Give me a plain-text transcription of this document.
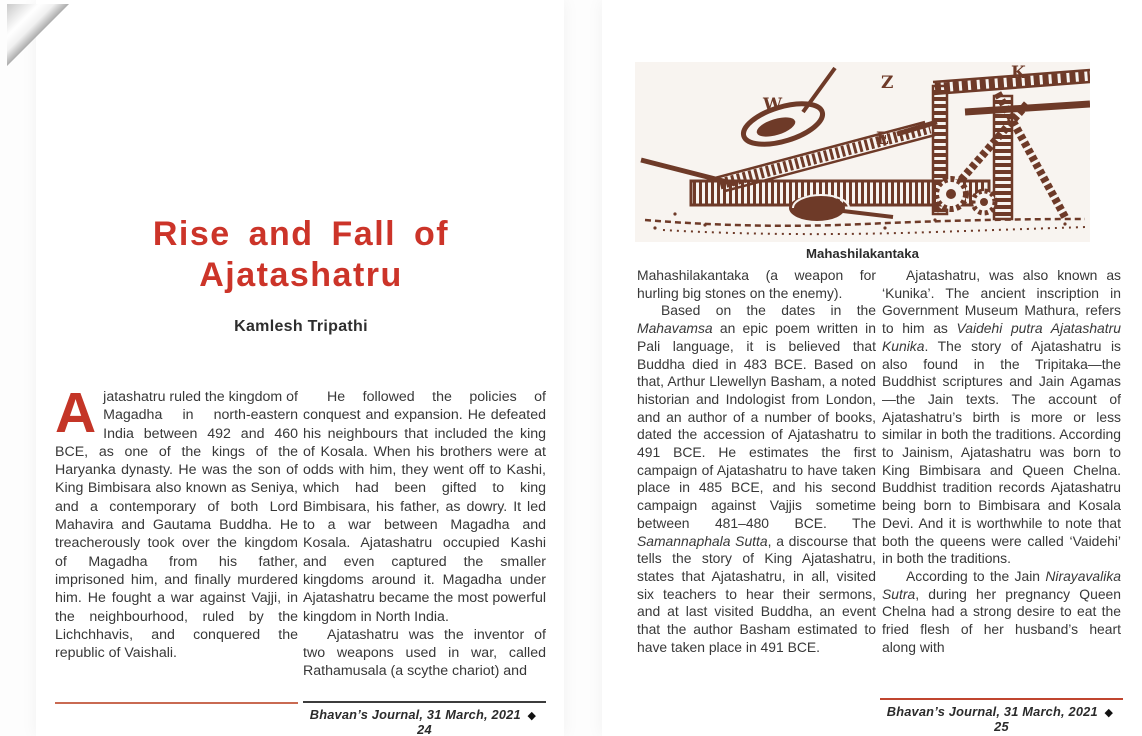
Rise and Fall of
Ajatashatru
Kamlesh Tripathi

Ajatashatru ruled the kingdom of Magadha in north-eastern India between 492 and 460 BCE, as one of the kings of the Haryanka dynasty. He was the son of King Bimbisara also known as Seniya, and a contemporary of both Lord Mahavira and Gautama Buddha. He treacherously took over the kingdom of Magadha from his father, imprisoned him, and finally murdered him. He fought a war against Vajji, in the neighbourhood, ruled by the Lichchhavis, and conquered the republic of Vaishali.

He followed the policies of conquest and expansion. He defeated his neighbours that included the king of Kosala. When his brothers were at odds with him, they went off to Kashi, which had been gifted to king Bimbisara, his father, as dowry. It led to a war between Magadha and Kosala. Ajatashatru occupied Kashi and even captured the smaller kingdoms around it. Magadha under Ajatashatru became the most powerful kingdom in North India.

Ajatashatru was the inventor of two weapons used in war, called Rathamusala (a scythe chariot) and

Bhavan’s Journal, 31 March, 2021 ◆ 24
W
Z
E
K
Mahashilakantaka

Mahashilakantaka (a weapon for hurling big stones on the enemy).

Based on the dates in the Mahavamsa an epic poem written in Pali language, it is believed that Buddha died in 483 BCE. Based on that, Arthur Llewellyn Basham, a noted historian and Indologist from London, and an author of a number of books, dated the accession of Ajatashatru to 491 BCE. He estimates the first campaign of Ajatashatru to have taken place in 485 BCE, and his second campaign against Vajjis sometime between 481–480 BCE. The Samannaphala Sutta, a discourse that tells the story of King Ajatashatru, states that Ajatashatru, in all, visited six teachers to hear their sermons, and at last visited Buddha, an event that the author Basham estimated to have taken place in 491 BCE.

Ajatashatru, was also known as ‘Kunika’. The ancient inscription in Government Museum Mathura, refers to him as Vaidehi putra Ajatashatru Kunika. The story of Ajatashatru is also found in the Tripitaka—the Buddhist scriptures and Jain Agamas—the Jain texts. The account of Ajatashatru’s birth is more or less similar in both the traditions. According to Jainism, Ajatashatru was born to King Bimbisara and Queen Chelna. Buddhist tradition records Ajatashatru being born to Bimbisara and Kosala Devi. And it is worthwhile to note that both the queens were called ‘Vaidehi’ in both the traditions.

According to the Jain Nirayavalika Sutra, during her pregnancy Queen Chelna had a strong desire to eat the fried flesh of her husband’s heart along with

Bhavan’s Journal, 31 March, 2021 ◆ 25
